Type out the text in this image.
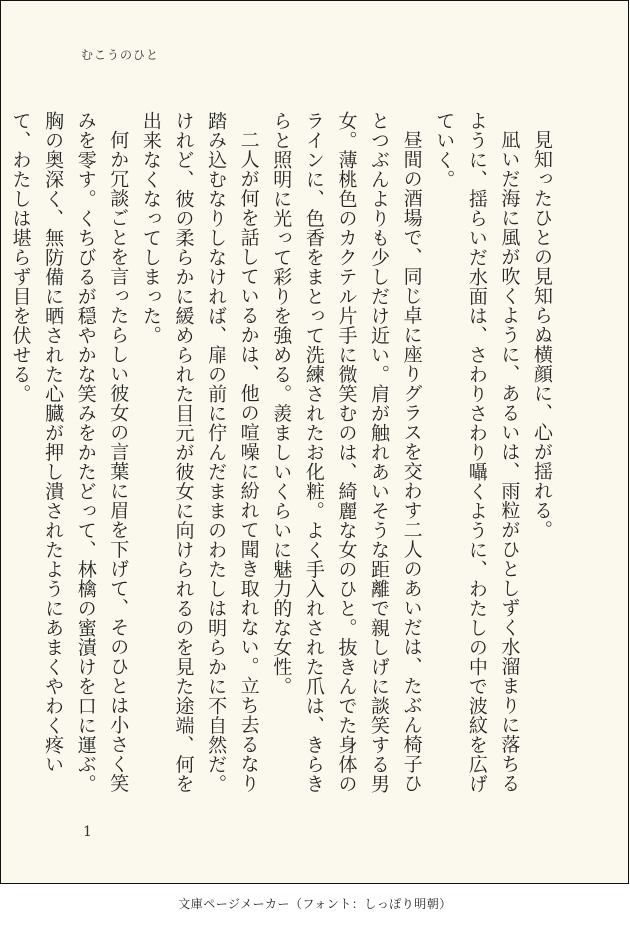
むこうのひと

見知ったひとの見知らぬ横顔に、心が揺れる。

凪いだ海に風が吹くように、あるいは、雨粒がひとしずく水溜まりに落ちるように、揺らいだ水面は、さわりさわり囁くように、わたしの中で波紋を広げていく。

昼間の酒場で、同じ卓に座りグラスを交わす二人のあいだは、たぶん椅子ひとつぶんよりも少しだけ近い。肩が触れあいそうな距離で親しげに談笑する男女。薄桃色のカクテル片手に微笑むのは、綺麗な女のひと。抜きんでた身体のラインに、色香をまとって洗練されたお化粧。よく手入れされた爪は、きらきらと照明に光って彩りを強める。羨ましいくらいに魅力的な女性。

二人が何を話しているかは、他の喧噪に紛れて聞き取れない。立ち去るなり踏み込むなりしなければ、扉の前に佇んだままのわたしは明らかに不自然だ。けれど、彼の柔らかに緩められた目元が彼女に向けられるのを見た途端、何を出来なくなってしまった。

何か冗談ごとを言ったらしい彼女の言葉に眉を下げて、そのひとは小さく笑みを零す。くちびるが穏やかな笑みをかたどって、林檎の蜜漬けを口に運ぶ。胸の奥深く、無防備に晒された心臓が押し潰されたようにあまくやわく疼いて、わたしは堪らず目を伏せる。

1
文庫ページメーカー（フォント：しっぽり明朝）
